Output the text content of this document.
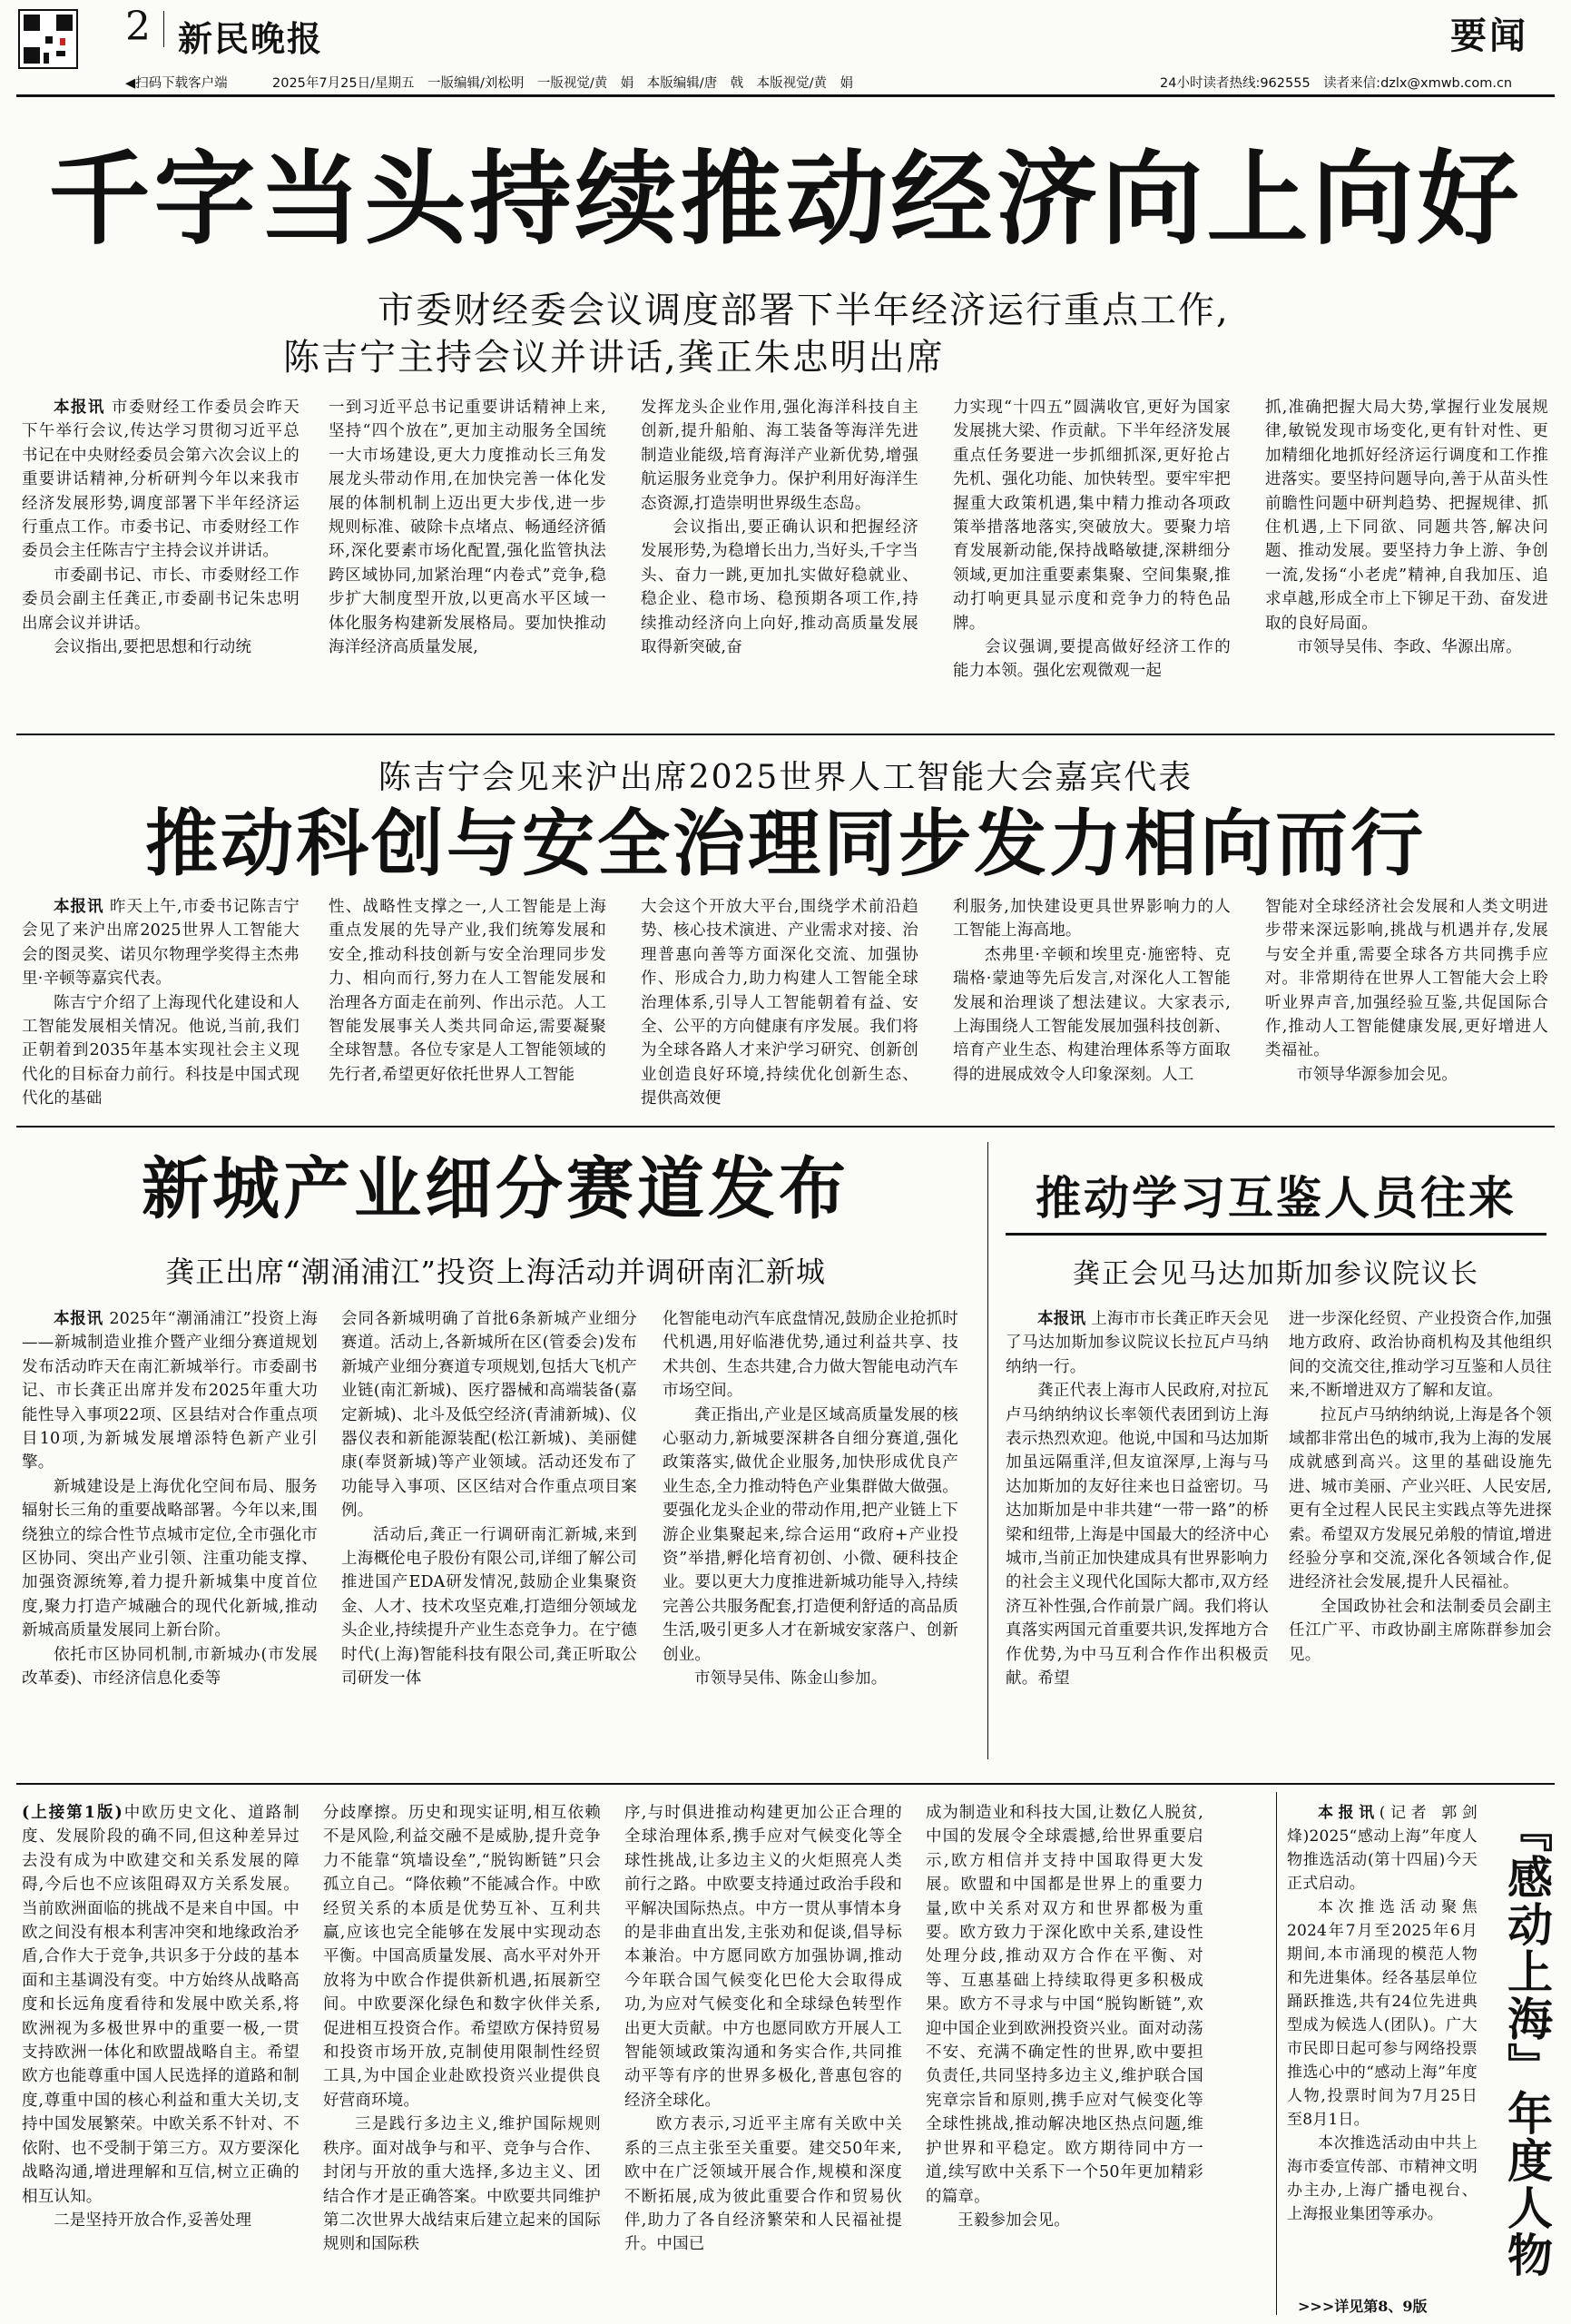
2 新民晚报	要闻
◀扫码下载客户端	2025年7月25日/星期五　一版编辑/刘松明　一版视觉/黄　娟　本版编辑/唐　戟　本版视觉/黄　娟	24小时读者热线:962555　读者来信:dzlx@xmwb.com.cn
千字当头持续推动经济向上向好
市委财经委会议调度部署下半年经济运行重点工作,
陈吉宁主持会议并讲话,龚正朱忠明出席

本报讯 市委财经工作委员会昨天下午举行会议,传达学习贯彻习近平总书记在中央财经委员会第六次会议上的重要讲话精神,分析研判今年以来我市经济发展形势,调度部署下半年经济运行重点工作。市委书记、市委财经工作委员会主任陈吉宁主持会议并讲话。

市委副书记、市长、市委财经工作委员会副主任龚正,市委副书记朱忠明出席会议并讲话。

会议指出,要把思想和行动统

一到习近平总书记重要讲话精神上来,坚持“四个放在”,更加主动服务全国统一大市场建设,更大力度推动长三角发展龙头带动作用,在加快完善一体化发展的体制机制上迈出更大步伐,进一步规则标准、破除卡点堵点、畅通经济循环,深化要素市场化配置,强化监管执法跨区域协同,加紧治理“内卷式”竞争,稳步扩大制度型开放,以更高水平区域一体化服务构建新发展格局。要加快推动海洋经济高质量发展,

发挥龙头企业作用,强化海洋科技自主创新,提升船舶、海工装备等海洋先进制造业能级,培育海洋产业新优势,增强航运服务业竞争力。保护利用好海洋生态资源,打造崇明世界级生态岛。

会议指出,要正确认识和把握经济发展形势,为稳增长出力,当好头,千字当头、奋力一跳,更加扎实做好稳就业、稳企业、稳市场、稳预期各项工作,持续推动经济向上向好,推动高质量发展取得新突破,奋

力实现“十四五”圆满收官,更好为国家发展挑大梁、作贡献。下半年经济发展重点任务要进一步抓细抓深,更好抢占先机、强化功能、加快转型。要牢牢把握重大政策机遇,集中精力推动各项政策举措落地落实,突破放大。要聚力培育发展新动能,保持战略敏捷,深耕细分领域,更加注重要素集聚、空间集聚,推动打响更具显示度和竞争力的特色品牌。

会议强调,要提高做好经济工作的能力本领。强化宏观微观一起

抓,准确把握大局大势,掌握行业发展规律,敏锐发现市场变化,更有针对性、更加精细化地抓好经济运行调度和工作推进落实。要坚持问题导向,善于从苗头性前瞻性问题中研判趋势、把握规律、抓住机遇,上下同欲、同题共答,解决问题、推动发展。要坚持力争上游、争创一流,发扬“小老虎”精神,自我加压、追求卓越,形成全市上下铆足干劲、奋发进取的良好局面。

市领导吴伟、李政、华源出席。

陈吉宁会见来沪出席2025世界人工智能大会嘉宾代表
推动科创与安全治理同步发力相向而行

本报讯 昨天上午,市委书记陈吉宁会见了来沪出席2025世界人工智能大会的图灵奖、诺贝尔物理学奖得主杰弗里·辛顿等嘉宾代表。

陈吉宁介绍了上海现代化建设和人工智能发展相关情况。他说,当前,我们正朝着到2035年基本实现社会主义现代化的目标奋力前行。科技是中国式现代化的基础

性、战略性支撑之一,人工智能是上海重点发展的先导产业,我们统筹发展和安全,推动科技创新与安全治理同步发力、相向而行,努力在人工智能发展和治理各方面走在前列、作出示范。人工智能发展事关人类共同命运,需要凝聚全球智慧。各位专家是人工智能领域的先行者,希望更好依托世界人工智能

大会这个开放大平台,围绕学术前沿趋势、核心技术演进、产业需求对接、治理普惠向善等方面深化交流、加强协作、形成合力,助力构建人工智能全球治理体系,引导人工智能朝着有益、安全、公平的方向健康有序发展。我们将为全球各路人才来沪学习研究、创新创业创造良好环境,持续优化创新生态、提供高效便

利服务,加快建设更具世界影响力的人工智能上海高地。

杰弗里·辛顿和埃里克·施密特、克瑞格·蒙迪等先后发言,对深化人工智能发展和治理谈了想法建议。大家表示,上海围绕人工智能发展加强科技创新、培育产业生态、构建治理体系等方面取得的进展成效令人印象深刻。人工

智能对全球经济社会发展和人类文明进步带来深远影响,挑战与机遇并存,发展与安全并重,需要全球各方共同携手应对。非常期待在世界人工智能大会上聆听业界声音,加强经验互鉴,共促国际合作,推动人工智能健康发展,更好增进人类福祉。

市领导华源参加会见。

新城产业细分赛道发布
龚正出席“潮涌浦江”投资上海活动并调研南汇新城

本报讯 2025年“潮涌浦江”投资上海——新城制造业推介暨产业细分赛道规划发布活动昨天在南汇新城举行。市委副书记、市长龚正出席并发布2025年重大功能性导入事项22项、区县结对合作重点项目10项,为新城发展增添特色新产业引擎。

新城建设是上海优化空间布局、服务辐射长三角的重要战略部署。今年以来,围绕独立的综合性节点城市定位,全市强化市区协同、突出产业引领、注重功能支撑、加强资源统筹,着力提升新城集中度首位度,聚力打造产城融合的现代化新城,推动新城高质量发展同上新台阶。

依托市区协同机制,市新城办(市发展改革委)、市经济信息化委等

会同各新城明确了首批6条新城产业细分赛道。活动上,各新城所在区(管委会)发布新城产业细分赛道专项规划,包括大飞机产业链(南汇新城)、医疗器械和高端装备(嘉定新城)、北斗及低空经济(青浦新城)、仪器仪表和新能源装配(松江新城)、美丽健康(奉贤新城)等产业领域。活动还发布了功能导入事项、区区结对合作重点项目案例。

活动后,龚正一行调研南汇新城,来到上海概伦电子股份有限公司,详细了解公司推进国产EDA研发情况,鼓励企业集聚资金、人才、技术攻坚克难,打造细分领域龙头企业,持续提升产业生态竞争力。在宁德时代(上海)智能科技有限公司,龚正听取公司研发一体

化智能电动汽车底盘情况,鼓励企业抢抓时代机遇,用好临港优势,通过利益共享、技术共创、生态共建,合力做大智能电动汽车市场空间。

龚正指出,产业是区域高质量发展的核心驱动力,新城要深耕各自细分赛道,强化政策落实,做优企业服务,加快形成优良产业生态,全力推动特色产业集群做大做强。要强化龙头企业的带动作用,把产业链上下游企业集聚起来,综合运用“政府+产业投资”举措,孵化培育初创、小微、硬科技企业。要以更大力度推进新城功能导入,持续完善公共服务配套,打造便利舒适的高品质生活,吸引更多人才在新城安家落户、创新创业。

市领导吴伟、陈金山参加。

推动学习互鉴人员往来
龚正会见马达加斯加参议院议长

本报讯 上海市市长龚正昨天会见了马达加斯加参议院议长拉瓦卢马纳纳纳一行。

龚正代表上海市人民政府,对拉瓦卢马纳纳纳议长率领代表团到访上海表示热烈欢迎。他说,中国和马达加斯加虽远隔重洋,但友谊深厚,上海与马达加斯加的友好往来也日益密切。马达加斯加是中非共建“一带一路”的桥梁和纽带,上海是中国最大的经济中心城市,当前正加快建成具有世界影响力的社会主义现代化国际大都市,双方经济互补性强,合作前景广阔。我们将认真落实两国元首重要共识,发挥地方合作优势,为中马互利合作作出积极贡献。希望

进一步深化经贸、产业投资合作,加强地方政府、政治协商机构及其他组织间的交流交往,推动学习互鉴和人员往来,不断增进双方了解和友谊。

拉瓦卢马纳纳纳说,上海是各个领域都非常出色的城市,我为上海的发展成就感到高兴。这里的基础设施先进、城市美丽、产业兴旺、人民安居,更有全过程人民民主实践点等先进探索。希望双方发展兄弟般的情谊,增进经验分享和交流,深化各领域合作,促进经济社会发展,提升人民福祉。

全国政协社会和法制委员会副主任江广平、市政协副主席陈群参加会见。

(上接第1版)中欧历史文化、道路制度、发展阶段的确不同,但这种差异过去没有成为中欧建交和关系发展的障碍,今后也不应该阻碍双方关系发展。当前欧洲面临的挑战不是来自中国。中欧之间没有根本利害冲突和地缘政治矛盾,合作大于竞争,共识多于分歧的基本面和主基调没有变。中方始终从战略高度和长远角度看待和发展中欧关系,将欧洲视为多极世界中的重要一极,一贯支持欧洲一体化和欧盟战略自主。希望欧方也能尊重中国人民选择的道路和制度,尊重中国的核心利益和重大关切,支持中国发展繁荣。中欧关系不针对、不依附、也不受制于第三方。双方要深化战略沟通,增进理解和互信,树立正确的相互认知。

二是坚持开放合作,妥善处理

分歧摩擦。历史和现实证明,相互依赖不是风险,利益交融不是威胁,提升竞争力不能靠“筑墙设垒”,“脱钩断链”只会孤立自己。“降依赖”不能减合作。中欧经贸关系的本质是优势互补、互利共赢,应该也完全能够在发展中实现动态平衡。中国高质量发展、高水平对外开放将为中欧合作提供新机遇,拓展新空间。中欧要深化绿色和数字伙伴关系,促进相互投资合作。希望欧方保持贸易和投资市场开放,克制使用限制性经贸工具,为中国企业赴欧投资兴业提供良好营商环境。

三是践行多边主义,维护国际规则秩序。面对战争与和平、竞争与合作、封闭与开放的重大选择,多边主义、团结合作才是正确答案。中欧要共同维护第二次世界大战结束后建立起来的国际规则和国际秩

序,与时俱进推动构建更加公正合理的全球治理体系,携手应对气候变化等全球性挑战,让多边主义的火炬照亮人类前行之路。中欧要支持通过政治手段和平解决国际热点。中方一贯从事情本身的是非曲直出发,主张劝和促谈,倡导标本兼治。中方愿同欧方加强协调,推动今年联合国气候变化巴伦大会取得成功,为应对气候变化和全球绿色转型作出更大贡献。中方也愿同欧方开展人工智能领域政策沟通和务实合作,共同推动平等有序的世界多极化,普惠包容的经济全球化。

欧方表示,习近平主席有关欧中关系的三点主张至关重要。建交50年来,欧中在广泛领域开展合作,规模和深度不断拓展,成为彼此重要合作和贸易伙伴,助力了各自经济繁荣和人民福祉提升。中国已

成为制造业和科技大国,让数亿人脱贫,中国的发展令全球震撼,给世界重要启示,欧方相信并支持中国取得更大发展。欧盟和中国都是世界上的重要力量,欧中关系对双方和世界都极为重要。欧方致力于深化欧中关系,建设性处理分歧,推动双方合作在平衡、对等、互惠基础上持续取得更多积极成果。欧方不寻求与中国“脱钩断链”,欢迎中国企业到欧洲投资兴业。面对动荡不安、充满不确定性的世界,欧中要担负责任,共同坚持多边主义,维护联合国宪章宗旨和原则,携手应对气候变化等全球性挑战,推动解决地区热点问题,维护世界和平稳定。欧方期待同中方一道,续写欧中关系下一个50年更加精彩的篇章。

王毅参加会见。

本报讯(记者 郭剑烽)2025“感动上海”年度人物推选活动(第十四届)今天正式启动。

本次推选活动聚焦2024年7月至2025年6月期间,本市涌现的模范人物和先进集体。经各基层单位踊跃推选,共有24位先进典型成为候选人(团队)。广大市民即日起可参与网络投票推选心中的“感动上海”年度人物,投票时间为7月25日至8月1日。

本次推选活动由中共上海市委宣传部、市精神文明办主办,上海广播电视台、上海报业集团等承办。

『感动上海』年度人物
>>>详见第8、9版
